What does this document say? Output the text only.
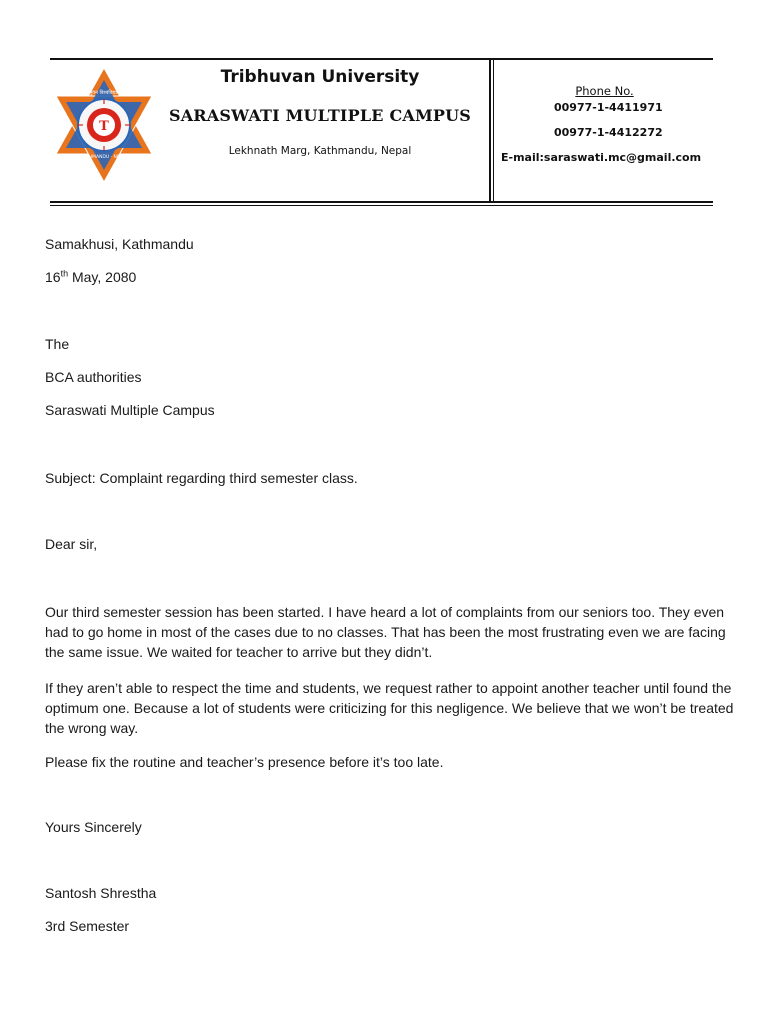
T
त्रिभुवन विश्वविद्यालय
KATHMANDU · NEPAL
Tribhuvan University
SARASWATI MULTIPLE CAMPUS
Lekhnath Marg, Kathmandu, Nepal
Phone No.
00977-1-4411971
00977-1-4412272
E-mail:saraswati.mc@gmail.com
Samakhusi, Kathmandu
16th May, 2080
The
BCA authorities
Saraswati Multiple Campus
Subject: Complaint regarding third semester class.
Dear sir,
Our third semester session has been started. I have heard a lot of complaints from our seniors too. They even had to go home in most of the cases due to no classes. That has been the most frustrating even we are facing the same issue. We waited for teacher to arrive but they didn’t.
If they aren’t able to respect the time and students, we request rather to appoint another teacher until found the optimum one. Because a lot of students were criticizing for this negligence. We believe that we won’t be treated the wrong way.
Please fix the routine and teacher’s presence before it’s too late.
Yours Sincerely
Santosh Shrestha
3rd Semester
